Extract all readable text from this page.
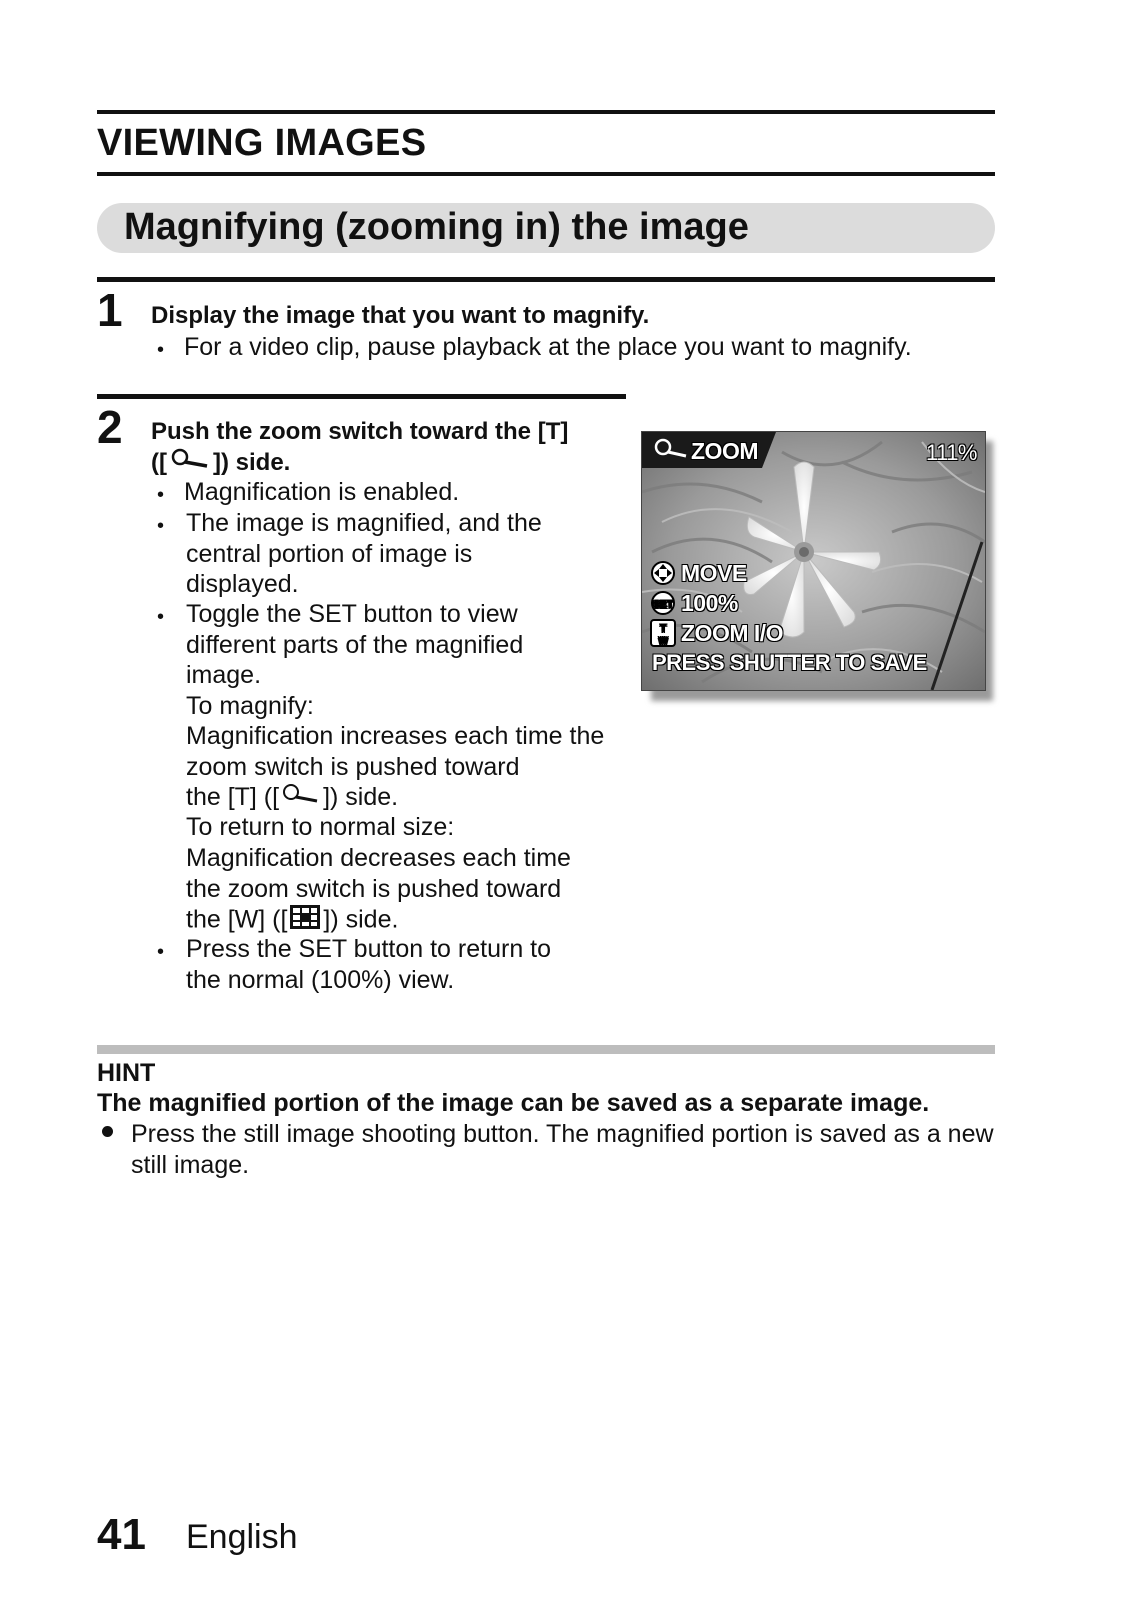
VIEWING IMAGES
Magnifying (zooming in) the image
1 Display the image that you want to magnify.
• For a video clip, pause playback at the place you want to magnify.
2 Push the zoom switch toward the [T]
([ ]) side.
• Magnification is enabled.
• The image is magnified, and the central portion of image is displayed.
• Toggle the SET button to view different parts of the magnified image.
To magnify:
Magnification increases each time the zoom switch is pushed toward
the [T] ([ ]) side.
To return to normal size:
Magnification decreases each time the zoom switch is pushed toward
the [W] ([ ]) side.
• Press the SET button to return to the normal (100%) view.
ZOOM	111%
MOVE
SET 100%
T
W ZOOM I/O
PRESS SHUTTER TO SAVE
HINT
The magnified portion of the image can be saved as a separate image.
Press the still image shooting button. The magnified portion is saved as a new still image.
41 English
